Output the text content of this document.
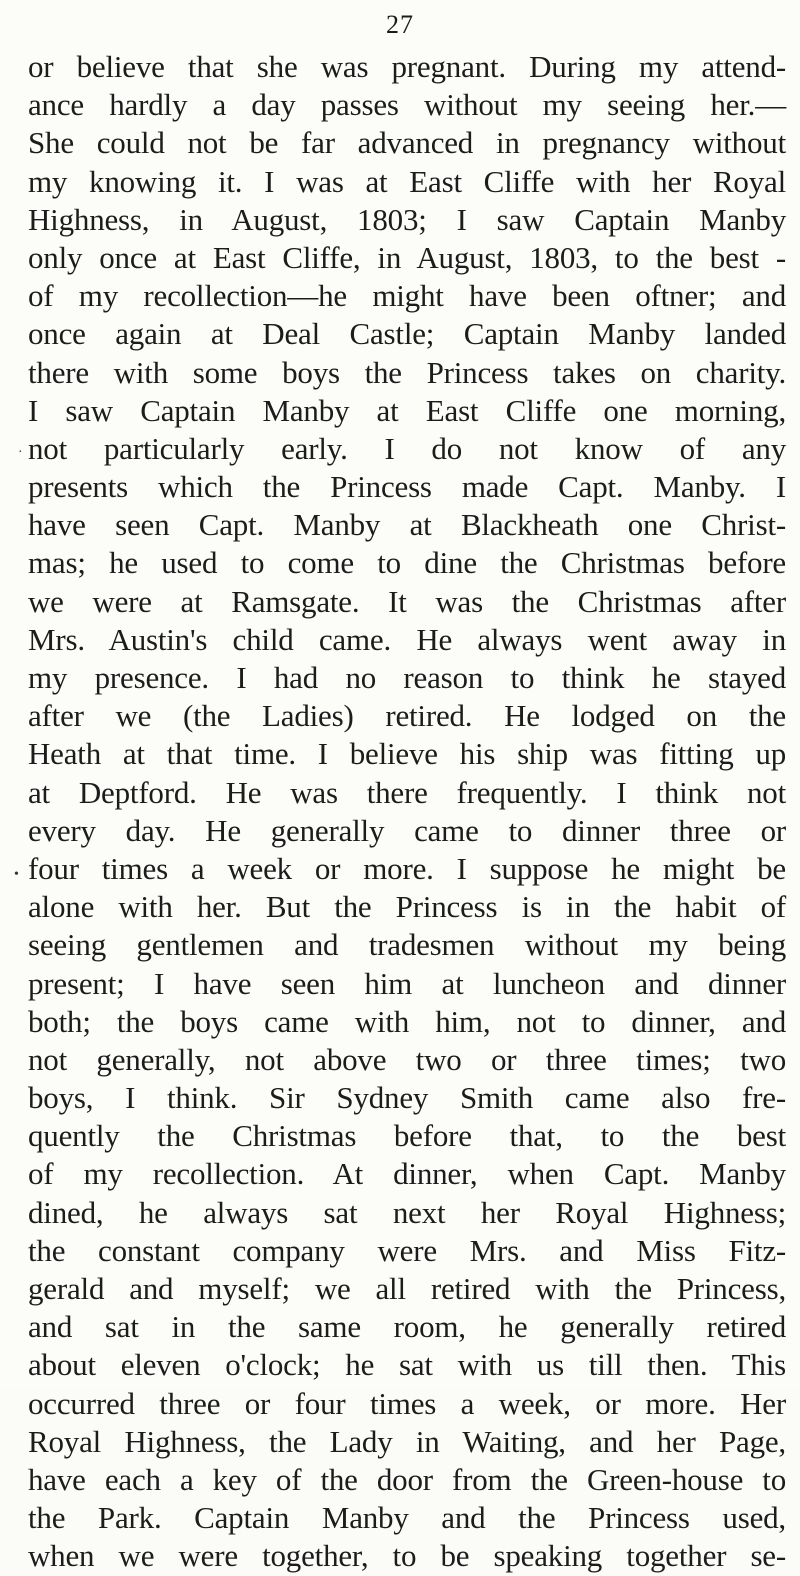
27
·
•
or believe that she was pregnant. During my attend-
ance hardly a day passes without my seeing her.—
She could not be far advanced in pregnancy without
my knowing it. I was at East Cliffe with her Royal
Highness, in August, 1803; I saw Captain Manby
only once at East Cliffe, in August, 1803, to the best -
of my recollection—he might have been oftner; and
once again at Deal Castle; Captain Manby landed
there with some boys the Princess takes on charity.
I saw Captain Manby at East Cliffe one morning,
not particularly early. I do not know of any
presents which the Princess made Capt. Manby. I
have seen Capt. Manby at Blackheath one Christ-
mas; he used to come to dine the Christmas before
we were at Ramsgate. It was the Christmas after
Mrs. Austin's child came. He always went away in
my presence. I had no reason to think he stayed
after we (the Ladies) retired. He lodged on the
Heath at that time. I believe his ship was fitting up
at Deptford. He was there frequently. I think not
every day. He generally came to dinner three or
four times a week or more. I suppose he might be
alone with her. But the Princess is in the habit of
seeing gentlemen and tradesmen without my being
present; I have seen him at luncheon and dinner
both; the boys came with him, not to dinner, and
not generally, not above two or three times; two
boys, I think. Sir Sydney Smith came also fre-
quently the Christmas before that, to the best
of my recollection. At dinner, when Capt. Manby
dined, he always sat next her Royal Highness;
the constant company were Mrs. and Miss Fitz-
gerald and myself; we all retired with the Princess,
and sat in the same room, he generally retired
about eleven o'clock; he sat with us till then. This
occurred three or four times a week, or more. Her
Royal Highness, the Lady in Waiting, and her Page,
have each a key of the door from the Green-house to
the Park. Captain Manby and the Princess used,
when we were together, to be speaking together se-
